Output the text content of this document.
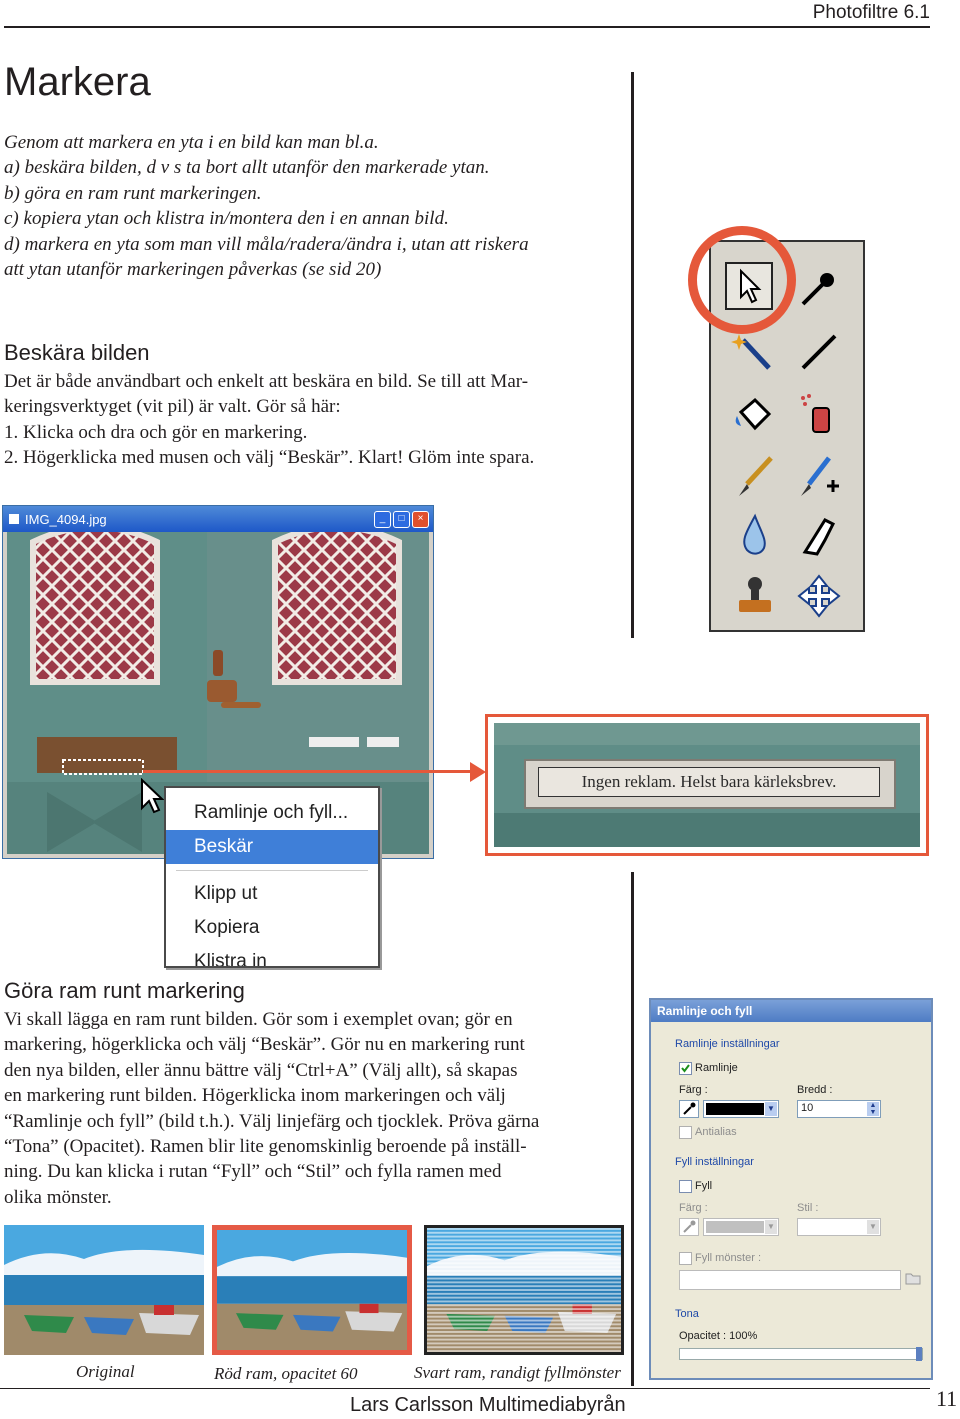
Photofiltre 6.1
Markera

Genom att markera en yta i en bild kan man bl.a.

a) beskära bilden, d v s ta bort allt utanför den markerade ytan.

b) göra en ram runt markeringen.

c) kopiera ytan och klistra in/montera den i en annan bild.

d) markera en yta som man vill måla/radera/ändra i, utan att riskera

att ytan utanför markeringen påverkas (se sid 20)

Beskära bilden

Det är både användbart och enkelt att beskära en bild. Se till att Mar-

keringsverktyget (vit pil) är valt. Gör så här:

1. Klicka och dra och gör en markering.

2. Högerklicka med musen och välj “Beskär”. Klart! Glöm inte spara.

IMG_4094.jpg	_	□	×
Ramlinje och fyll...
Beskär
Klipp ut
Kopiera
Klistra in
Ingen reklam. Helst bara kärleksbrev.
Göra ram runt markering

Vi skall lägga en ram runt bilden. Gör som i exemplet ovan; gör en

markering, högerklicka och välj “Beskär”. Gör nu en markering runt

den nya bilden, eller ännu bättre välj “Ctrl+A” (Välj allt), så skapas

en markering runt bilden. Högerklicka inom markeringen och välj

“Ramlinje och fyll” (bild t.h.). Välj linjefärg och tjocklek. Pröva gärna

“Tona” (Opacitet). Ramen blir lite genomskinlig beroende på inställ-

ning. Du kan klicka i rutan “Fyll” och “Stil” och fylla ramen med

olika mönster.

Ramlinje och fyll
Ramlinje inställningar
Ramlinje
Färg :	Bredd :
▼ 10	▲
▼
Antialias
Fyll inställningar
Fyll
Färg :	Stil :
▼	▼
Fyll mönster :
Tona
Opacitet : 100%

Original	Röd ram, opacitet 60	Svart ram, randigt fyllmönster

Lars Carlsson Multimediabyrån	11
